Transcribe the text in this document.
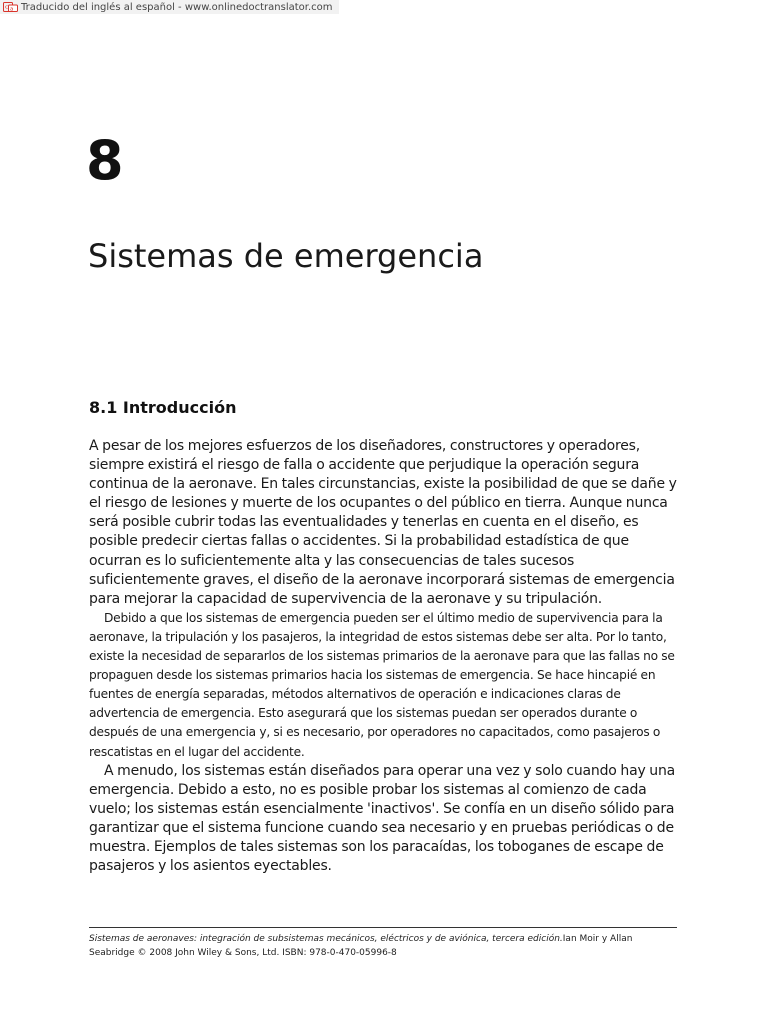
a
c Traducido del inglés al español - www.onlinedoctranslator.com
8
Sistemas de emergencia
8.1 Introducción

A pesar de los mejores esfuerzos de los diseñadores, constructores y operadores, siempre existirá el riesgo de falla o accidente que perjudique la operación segura continua de la aeronave. En tales circunstancias, existe la posibilidad de que se dañe y el riesgo de lesiones y muerte de los ocupantes o del público en tierra. Aunque nunca será posible cubrir todas las eventualidades y tenerlas en cuenta en el diseño, es posible predecir ciertas fallas o accidentes. Si la probabilidad estadística de que ocurran es lo suficientemente alta y las consecuencias de tales sucesos suficientemente graves, el diseño de la aeronave incorporará sistemas de emergencia para mejorar la capacidad de supervivencia de la aeronave y su tripulación.

Debido a que los sistemas de emergencia pueden ser el último medio de supervivencia para la aeronave, la tripulación y los pasajeros, la integridad de estos sistemas debe ser alta. Por lo tanto, existe la necesidad de separarlos de los sistemas primarios de la aeronave para que las fallas no se propaguen desde los sistemas primarios hacia los sistemas de emergencia. Se hace hincapié en fuentes de energía separadas, métodos alternativos de operación e indicaciones claras de advertencia de emergencia. Esto asegurará que los sistemas puedan ser operados durante o después de una emergencia y, si es necesario, por operadores no capacitados, como pasajeros o rescatistas en el lugar del accidente.

A menudo, los sistemas están diseñados para operar una vez y solo cuando hay una emergencia. Debido a esto, no es posible probar los sistemas al comienzo de cada vuelo; los sistemas están esencialmente 'inactivos'. Se confía en un diseño sólido para garantizar que el sistema funcione cuando sea necesario y en pruebas periódicas o de muestra. Ejemplos de tales sistemas son los paracaídas, los toboganes de escape de pasajeros y los asientos eyectables.

Sistemas de aeronaves: integración de subsistemas mecánicos, eléctricos y de aviónica, tercera edición.Ian Moir y Allan Seabridge © 2008 John Wiley & Sons, Ltd. ISBN: 978-0-470-05996-8
